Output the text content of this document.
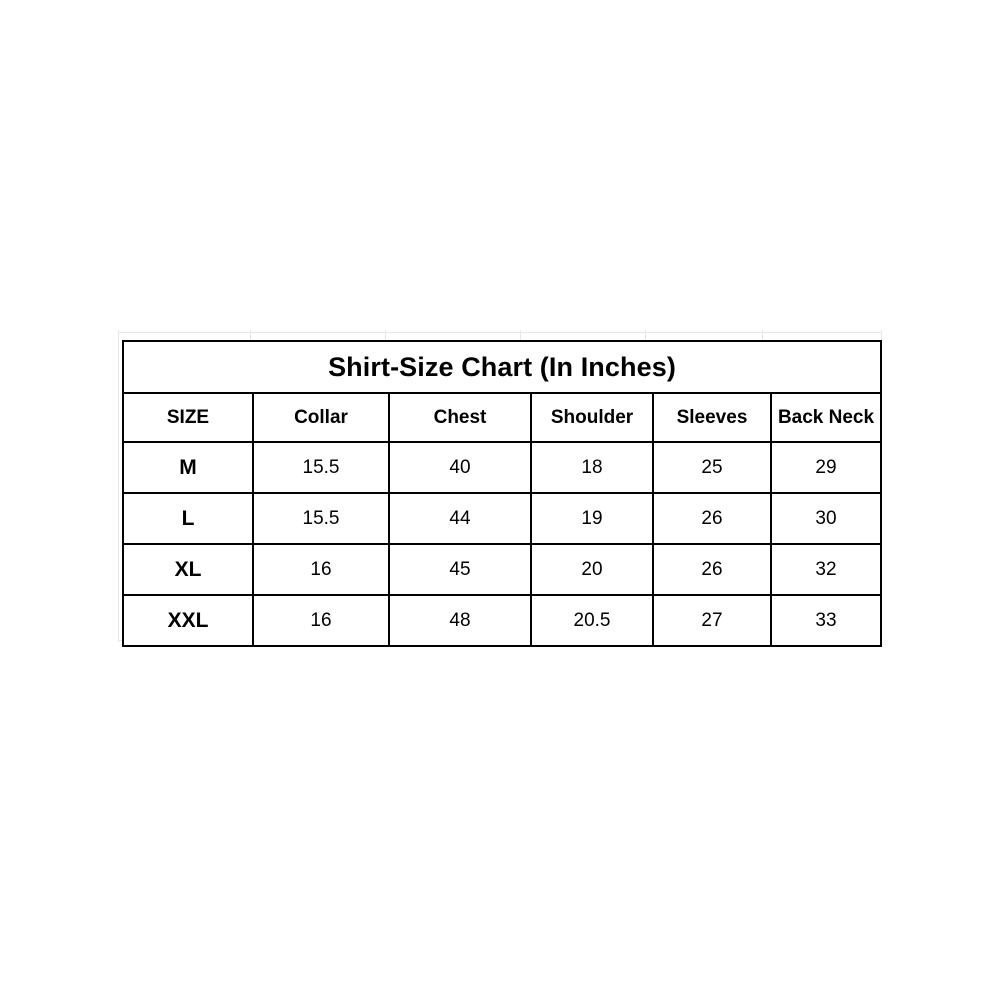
Shirt-Size Chart (In Inches)					
SIZE	Collar	Chest	Shoulder	Sleeves	Back Neck
M	15.5	40	18	25	29
L	15.5	44	19	26	30
XL	16	45	20	26	32
XXL	16	48	20.5	27	33
